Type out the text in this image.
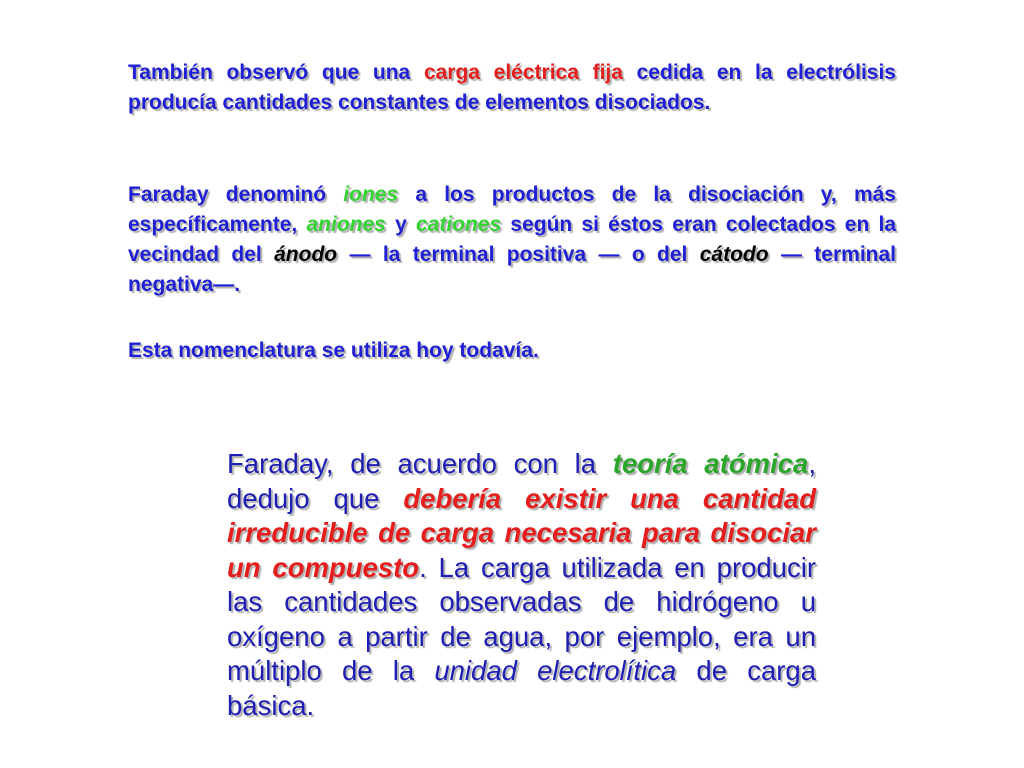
También observó que una carga eléctrica fija cedida en la electrólisis producía cantidades constantes de elementos disociados.

Faraday denominó iones a los productos de la disociación y, más específicamente, aniones y cationes según si éstos eran colectados en la vecindad del ánodo — la terminal positiva — o del cátodo — terminal negativa—.

Esta nomenclatura se utiliza hoy todavía.

Faraday, de acuerdo con la teoría atómica, dedujo que debería existir una cantidad irreducible de carga necesaria para disociar un compuesto. La carga utilizada en producir las cantidades observadas de hidrógeno u oxígeno a partir de agua, por ejemplo, era un múltiplo de la unidad electrolítica de carga básica.
